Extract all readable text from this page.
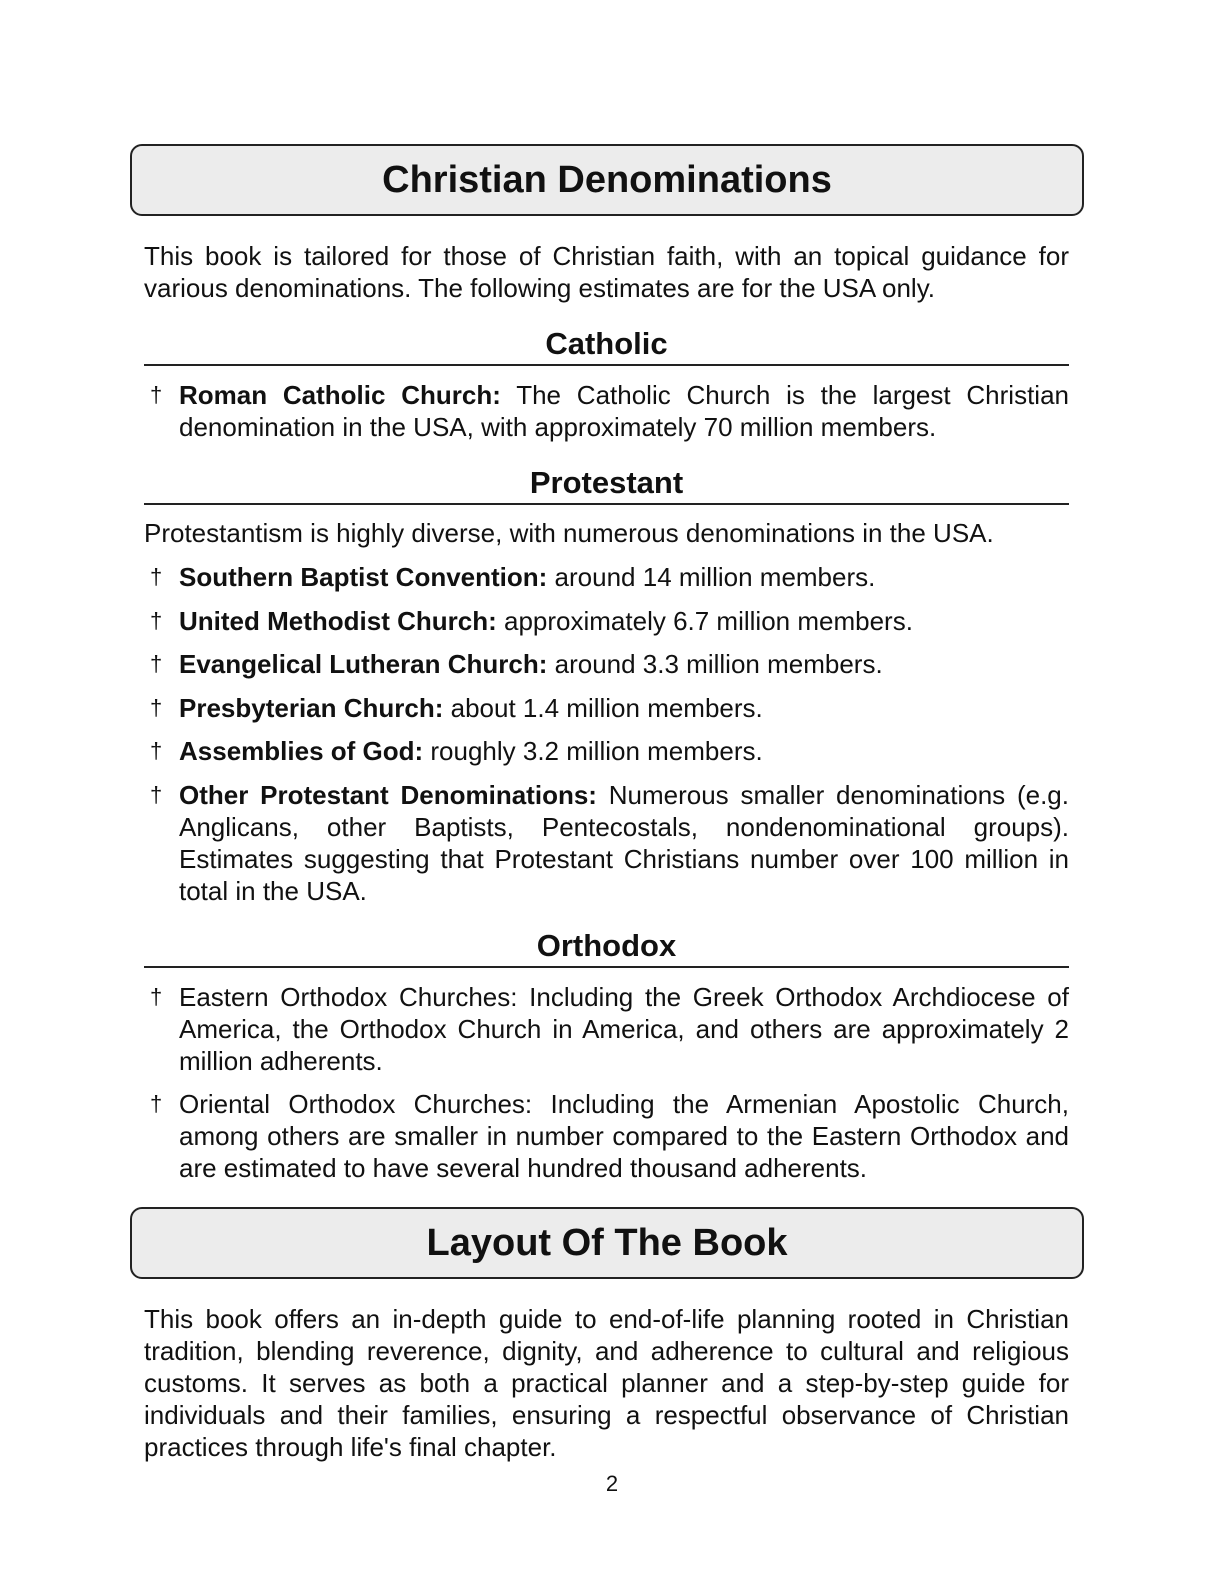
Christian Denominations
This book is tailored for those of Christian faith, with an topical guidance for various denominations. The following estimates are for the USA only.
Catholic
† Roman Catholic Church: The Catholic Church is the largest Christian denomination in the USA, with approximately 70 million members.
Protestant
Protestantism is highly diverse, with numerous denominations in the USA.
† Southern Baptist Convention: around 14 million members.
† United Methodist Church: approximately 6.7 million members.
† Evangelical Lutheran Church: around 3.3 million members.
† Presbyterian Church: about 1.4 million members.
† Assemblies of God: roughly 3.2 million members.
† Other Protestant Denominations: Numerous smaller denominations (e.g. Anglicans, other Baptists, Pentecostals, nondenominational groups). Estimates suggesting that Protestant Christians number over 100 million in total in the USA.
Orthodox
† Eastern Orthodox Churches: Including the Greek Orthodox Archdiocese of America, the Orthodox Church in America, and others are approximately 2 million adherents.
† Oriental Orthodox Churches: Including the Armenian Apostolic Church, among others are smaller in number compared to the Eastern Orthodox and are estimated to have several hundred thousand adherents.
Layout Of The Book
This book offers an in-depth guide to end-of-life planning rooted in Christian tradition, blending reverence, dignity, and adherence to cultural and religious customs. It serves as both a practical planner and a step-by-step guide for individuals and their families, ensuring a respectful observance of Christian practices through life's final chapter.
2
